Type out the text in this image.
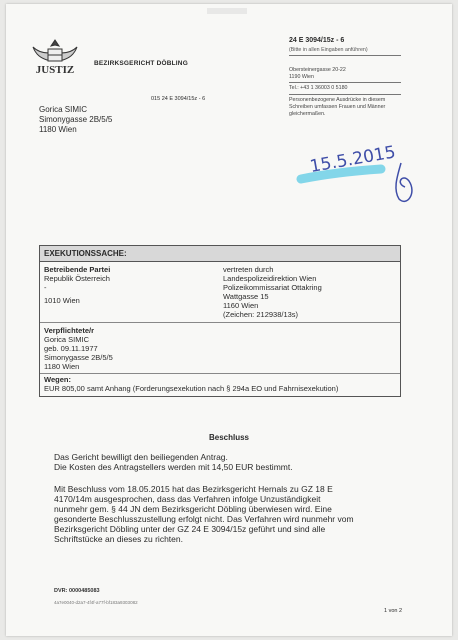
JUSTIZ
BEZIRKSGERICHT DÖBLING
24 E 3094/15z - 6
(Bitte in allen Eingaben anführen)
Obersteinergasse 20-22
1190 Wien
Tel.: +43 1 36003 0 5180
Personenbezogene Ausdrücke in diesem
Schreiben umfassen Frauen und Männer
gleichermaßen.
015 24 E 3094/15z - 6
Gorica SIMIC
Simonygasse 2B/5/5
1180 Wien
15.5.2015
EXEKUTIONSSACHE:
Betreibende Partei
Republik Österreich
-
1010 Wien
vertreten durch
Landespolizeidirektion Wien
Polizeikommissariat Ottakring
Wattgasse 15
1160 Wien
(Zeichen: 212938/13s)
Verpflichtete/r
Gorica SIMIC
geb. 09.11.1977
Simonygasse 2B/5/5
1180 Wien
Wegen:
EUR 805,00 samt Anhang (Forderungsexekution nach § 294a EO und Fahrnisexekution)
Beschluss
Das Gericht bewilligt den beiliegenden Antrag.
Die Kosten des Antragstellers werden mit 14,50 EUR bestimmt.
Mit Beschluss vom 18.05.2015 hat das Bezirksgericht Hernals zu GZ 18 E
4170/14m ausgesprochen, dass das Verfahren infolge Unzuständigkeit
nunmehr gem. § 44 JN dem Bezirksgericht Döbling überwiesen wird. Eine
gesonderte Beschlusszustellung erfolgt nicht. Das Verfahren wird nunmehr vom
Bezirksgericht Döbling unter der GZ 24 E 3094/15z geführt und sind alle
Schriftstücke an dieses zu richten.
DVR: 0000485083
4a7e0040-d2a7-4f4f-a77f-bf183a9303082
1 von 2
